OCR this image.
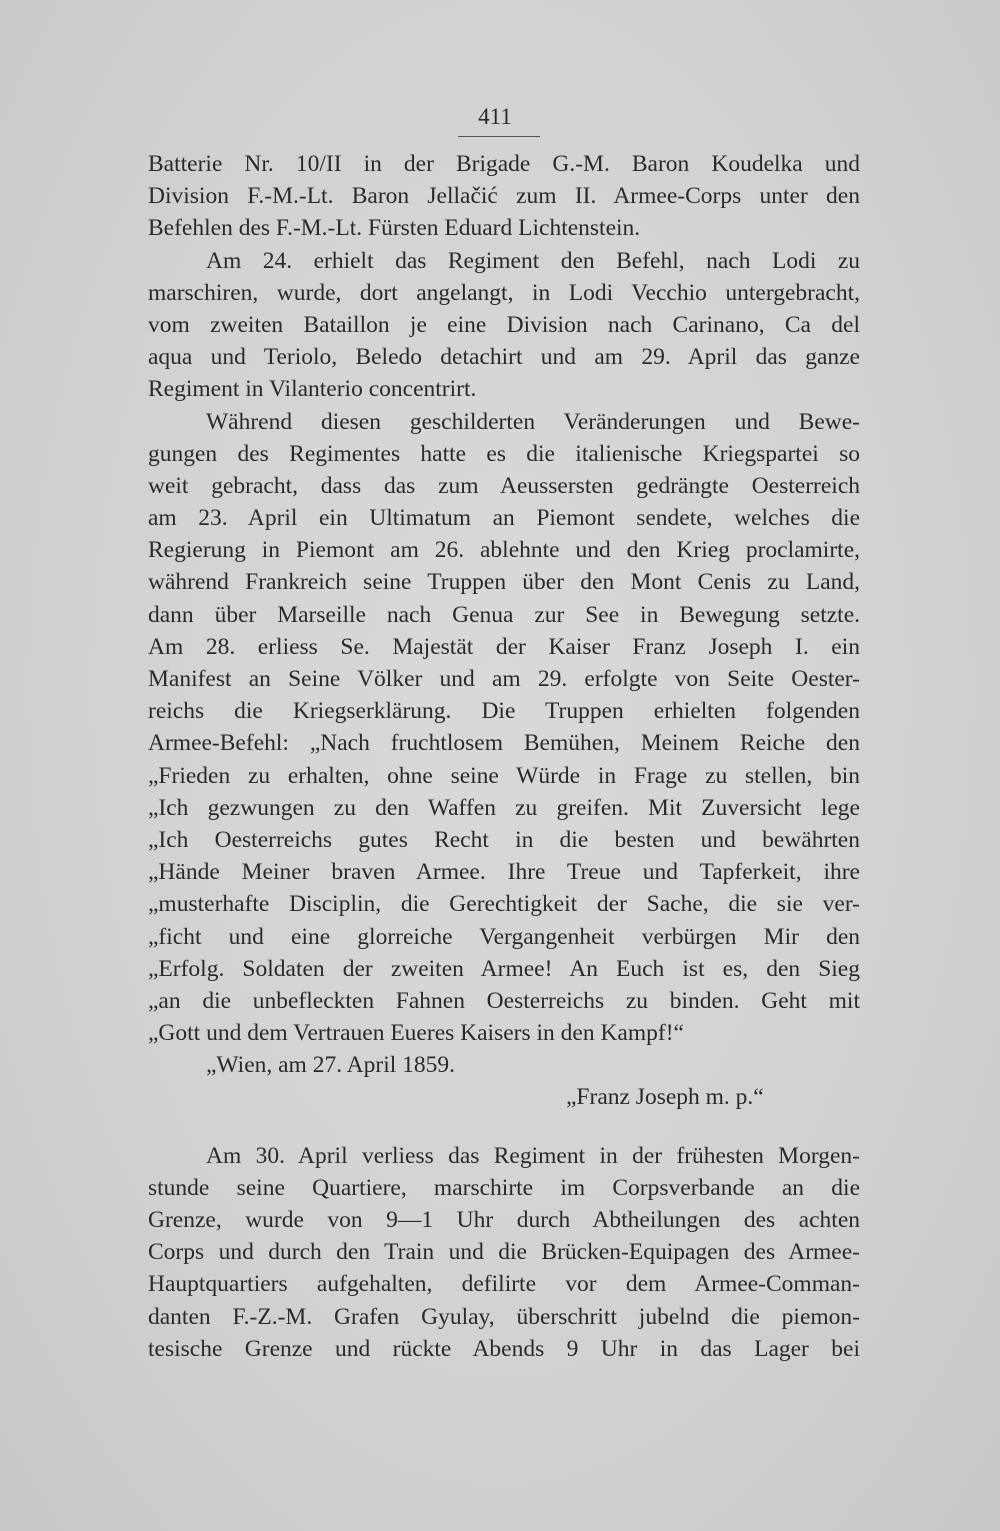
411
Batterie Nr. 10/II in der Brigade G.-M. Baron Koudelka und
Division F.-M.-Lt. Baron Jellačić zum II. Armee-Corps unter den
Befehlen des F.-M.-Lt. Fürsten Eduard Lichtenstein.
Am 24. erhielt das Regiment den Befehl, nach Lodi zu
marschiren, wurde, dort angelangt, in Lodi Vecchio untergebracht,
vom zweiten Bataillon je eine Division nach Carinano, Ca del
aqua und Teriolo, Beledo detachirt und am 29. April das ganze
Regiment in Vilanterio concentrirt.
Während diesen geschilderten Veränderungen und Bewe-
gungen des Regimentes hatte es die italienische Kriegspartei so
weit gebracht, dass das zum Aeussersten gedrängte Oesterreich
am 23. April ein Ultimatum an Piemont sendete, welches die
Regierung in Piemont am 26. ablehnte und den Krieg proclamirte,
während Frankreich seine Truppen über den Mont Cenis zu Land,
dann über Marseille nach Genua zur See in Bewegung setzte.
Am 28. erliess Se. Majestät der Kaiser Franz Joseph I. ein
Manifest an Seine Völker und am 29. erfolgte von Seite Oester-
reichs die Kriegserklärung. Die Truppen erhielten folgenden
Armee-Befehl: „Nach fruchtlosem Bemühen, Meinem Reiche den
„Frieden zu erhalten, ohne seine Würde in Frage zu stellen, bin
„Ich gezwungen zu den Waffen zu greifen. Mit Zuversicht lege
„Ich Oesterreichs gutes Recht in die besten und bewährten
„Hände Meiner braven Armee. Ihre Treue und Tapferkeit, ihre
„musterhafte Disciplin, die Gerechtigkeit der Sache, die sie ver-
„ficht und eine glorreiche Vergangenheit verbürgen Mir den
„Erfolg. Soldaten der zweiten Armee! An Euch ist es, den Sieg
„an die unbefleckten Fahnen Oesterreichs zu binden. Geht mit
„Gott und dem Vertrauen Eueres Kaisers in den Kampf!“
„Wien, am 27. April 1859.
„Franz Joseph m. p.“
Am 30. April verliess das Regiment in der frühesten Morgen-
stunde seine Quartiere, marschirte im Corpsverbande an die
Grenze, wurde von 9—1 Uhr durch Abtheilungen des achten
Corps und durch den Train und die Brücken-Equipagen des Armee-
Hauptquartiers aufgehalten, defilirte vor dem Armee-Comman-
danten F.-Z.-M. Grafen Gyulay, überschritt jubelnd die piemon-
tesische Grenze und rückte Abends 9 Uhr in das Lager bei
